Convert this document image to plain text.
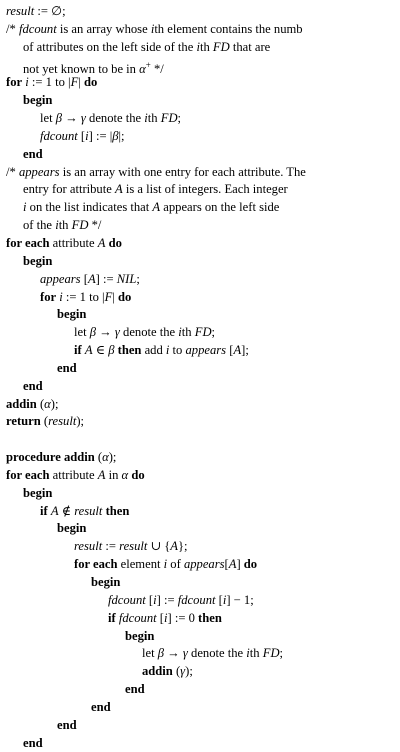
result := ∅;
/* fdcount is an array whose ith element contains the numb
of attributes on the left side of the ith FD that are
not yet known to be in α+ */
for i := 1 to |F| do
begin
let β → γ denote the ith FD;
fdcount [i] := |β|;
end
/* appears is an array with one entry for each attribute. The
entry for attribute A is a list of integers. Each integer
i on the list indicates that A appears on the left side
of the ith FD */
for each attribute A do
begin
appears [A] := NIL;
for i := 1 to |F| do
begin
let β → γ denote the ith FD;
if A ∈ β then add i to appears [A];
end
end
addin (α);
return (result);
procedure addin (α);
for each attribute A in α do
begin
if A ∉ result then
begin
result := result ∪ {A};
for each element i of appears[A] do
begin
fdcount [i] := fdcount [i] − 1;
if fdcount [i] := 0 then
begin
let β → γ denote the ith FD;
addin (γ);
end
end
end
end
